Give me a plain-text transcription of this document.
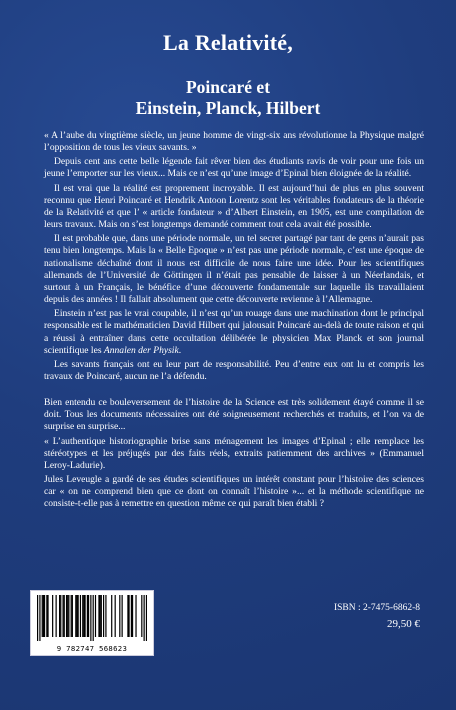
La Relativité,
Poincaré et
Einstein, Planck, Hilbert

« A l’aube du vingtième siècle, un jeune homme de vingt-six ans révolutionne la Physique malgré l’opposition de tous les vieux savants. »

Depuis cent ans cette belle légende fait rêver bien des étudiants ravis de voir pour une fois un jeune l’emporter sur les vieux... Mais ce n’est qu’une image d’Epinal bien éloignée de la réalité.

Il est vrai que la réalité est proprement incroyable. Il est aujourd’hui de plus en plus souvent reconnu que Henri Poincaré et Hendrik Antoon Lorentz sont les véritables fondateurs de la théorie de la Relativité et que l’ « article fondateur » d’Albert Einstein, en 1905, est une compilation de leurs travaux. Mais on s’est longtemps demandé comment tout cela avait été possible.

Il est probable que, dans une période normale, un tel secret partagé par tant de gens n’aurait pas tenu bien longtemps. Mais la « Belle Epoque » n’est pas une période normale, c’est une époque de nationalisme déchaîné dont il nous est difficile de nous faire une idée. Pour les scientifiques allemands de l’Université de Göttingen il n’était pas pensable de laisser à un Néerlandais, et surtout à un Français, le bénéfice d’une découverte fondamentale sur laquelle ils travaillaient depuis des années ! Il fallait absolument que cette découverte revienne à l’Allemagne.

Einstein n’est pas le vrai coupable, il n’est qu’un rouage dans une machination dont le principal responsable est le mathématicien David Hilbert qui jalousait Poincaré au-delà de toute raison et qui a réussi à entraîner dans cette occultation délibérée le physicien Max Planck et son journal scientifique les Annalen der Physik.

Les savants français ont eu leur part de responsabilité. Peu d’entre eux ont lu et compris les travaux de Poincaré, aucun ne l’a défendu.

Bien entendu ce bouleversement de l’histoire de la Science est très solidement étayé comme il se doit. Tous les documents nécessaires ont été soigneusement recherchés et traduits, et l’on va de surprise en surprise...

« L’authentique historiographie brise sans ménagement les images d’Epinal ; elle remplace les stéréotypes et les préjugés par des faits réels, extraits patiemment des archives » (Emmanuel Leroy-Ladurie).

Jules Leveugle a gardé de ses études scientifiques un intérêt constant pour l’histoire des sciences car « on ne comprend bien que ce dont on connaît l’histoire »... et la méthode scientifique ne consiste-t-elle pas à remettre en question même ce qui paraît bien établi ?

9 782747 568623
ISBN : 2-7475-6862-8
29,50 €
